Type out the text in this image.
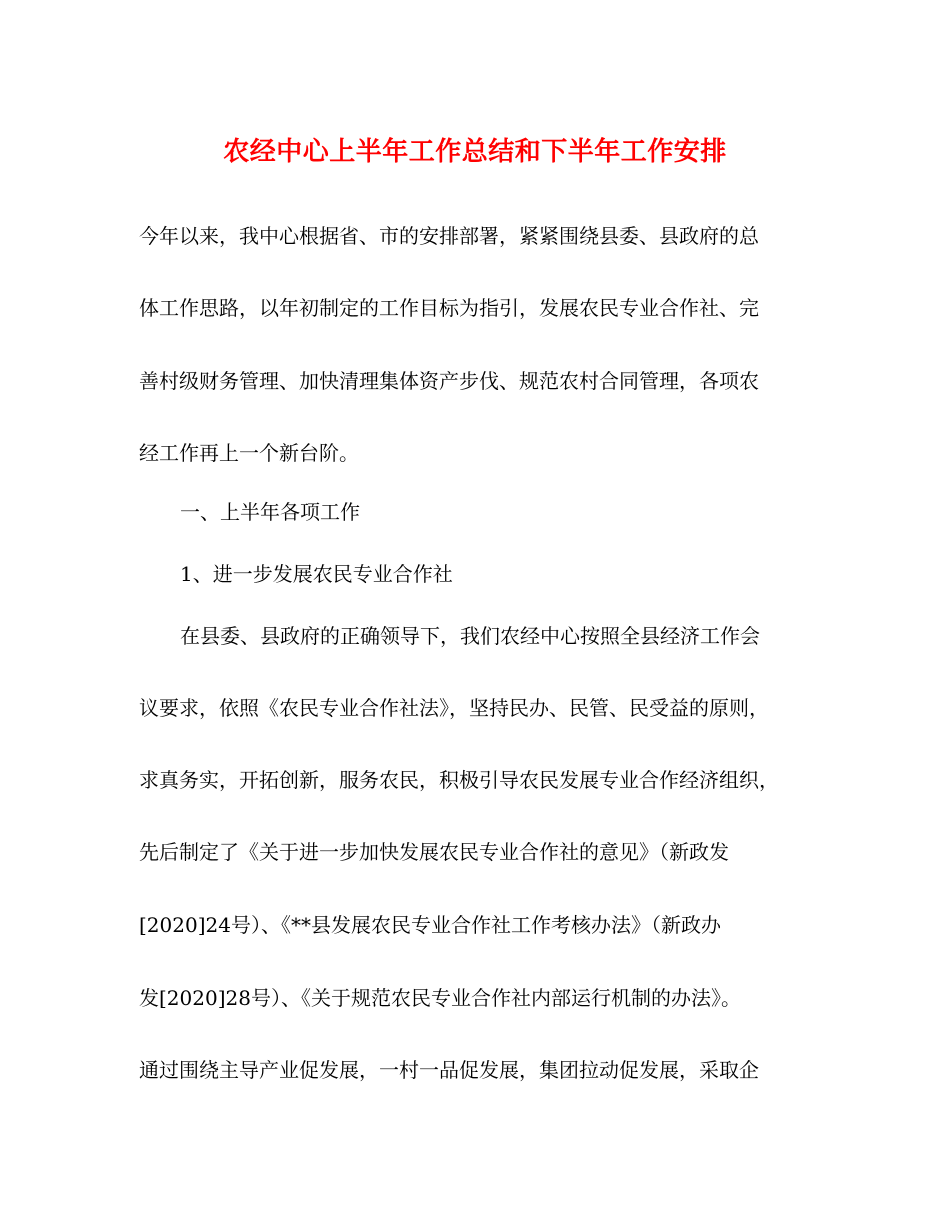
农经中心上半年工作总结和下半年工作安排

今年以来，我中心根据省、市的安排部署，紧紧围绕县委、县政府的总

体工作思路，以年初制定的工作目标为指引，发展农民专业合作社、完

善村级财务管理、加快清理集体资产步伐、规范农村合同管理，各项农

经工作再上一个新台阶。

一、上半年各项工作

1、进一步发展农民专业合作社

在县委、县政府的正确领导下，我们农经中心按照全县经济工作会

议要求，依照《农民专业合作社法》，坚持民办、民管、民受益的原则，

求真务实，开拓创新，服务农民，积极引导农民发展专业合作经济组织，

先后制定了《关于进一步加快发展农民专业合作社的意见》（新政发

[2020]24号）、《**县发展农民专业合作社工作考核办法》（新政办

发[2020]28号）、《关于规范农民专业合作社内部运行机制的办法》。

通过围绕主导产业促发展，一村一品促发展，集团拉动促发展，采取企
